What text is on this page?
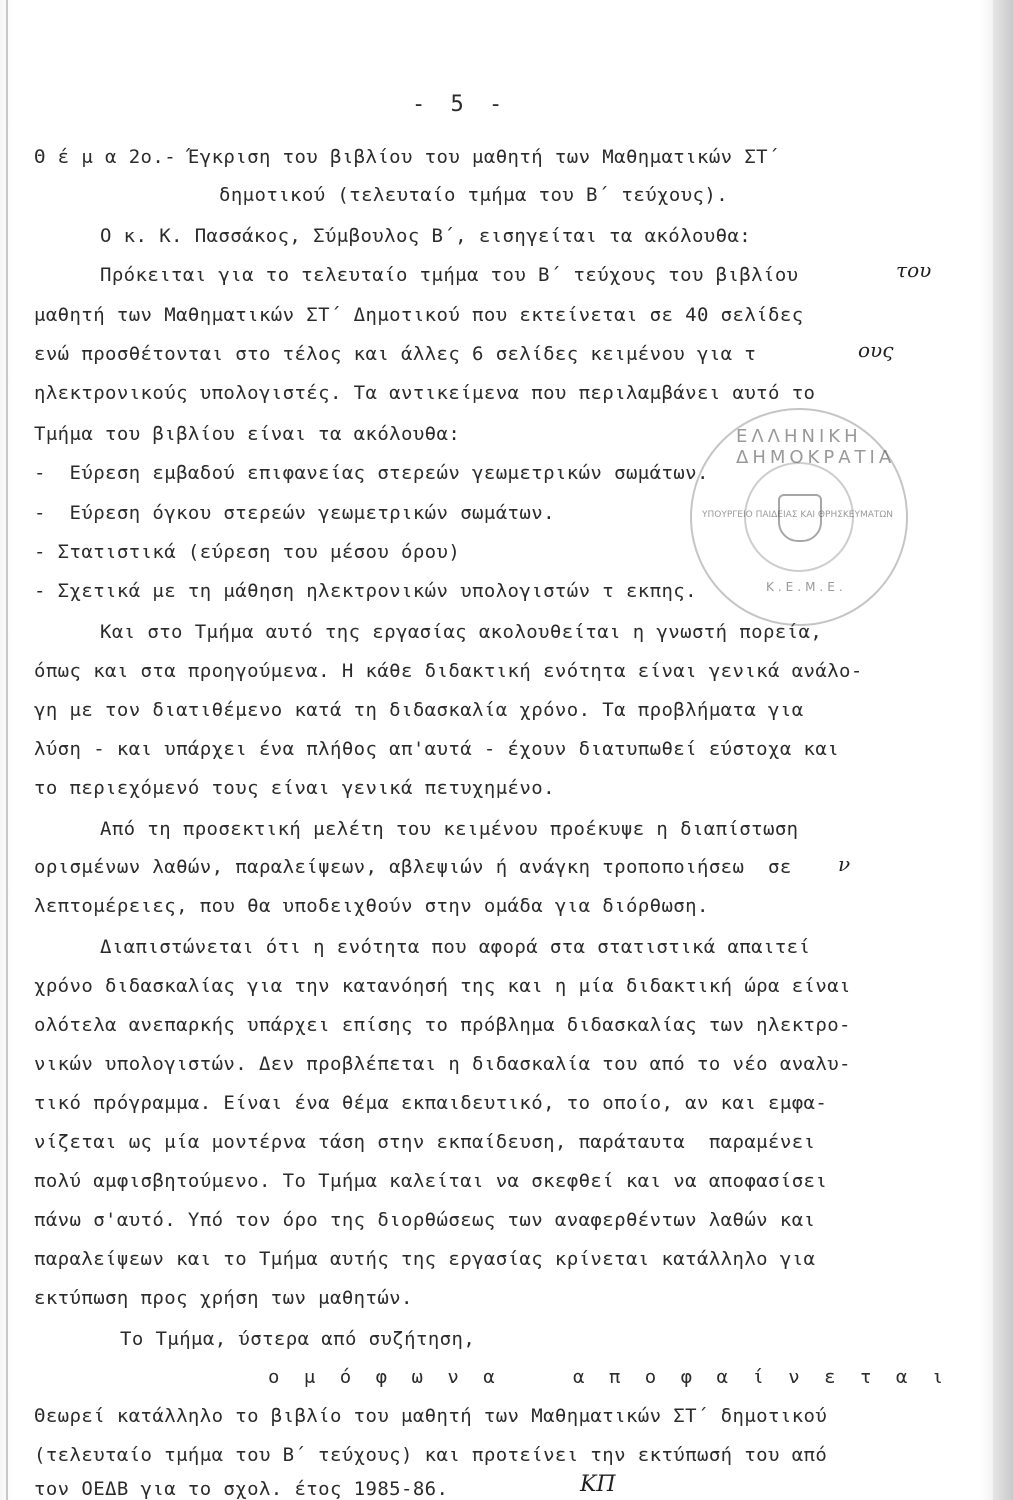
- 5 -
Θ έ μ α 2ο.- Έγκριση του βιβλίου του μαθητή των Μαθηματικών ΣΤ΄
δημοτικού (τελευταίο τμήμα του Β΄ τεύχους).
Ο κ. Κ. Πασσάκος, Σύμβουλος Β΄, εισηγείται τα ακόλουθα:
Πρόκειται για το τελευταίο τμήμα του Β΄ τεύχους του βιβλίου
μαθητή των Μαθηματικών ΣΤ΄ Δημοτικού που εκτείνεται σε 40 σελίδες
ενώ προσθέτονται στο τέλος και άλλες 6 σελίδες κειμένου για τ
ηλεκτρονικούς υπολογιστές. Τα αντικείμενα που περιλαμβάνει αυτό το
Τμήμα του βιβλίου είναι τα ακόλουθα:
-  Εύρεση εμβαδού επιφανείας στερεών γεωμετρικών σωμάτων.
-  Εύρεση όγκου στερεών γεωμετρικών σωμάτων.
- Στατιστικά (εύρεση του μέσου όρου)
- Σχετικά με τη μάθηση ηλεκτρονικών υπολογιστών τ εκπης.
Και στο Τμήμα αυτό της εργασίας ακολουθείται η γνωστή πορεία,
όπως και στα προηγούμενα. Η κάθε διδακτική ενότητα είναι γενικά ανάλο-
γη με τον διατιθέμενο κατά τη διδασκαλία χρόνο. Τα προβλήματα για
λύση - και υπάρχει ένα πλήθος απ'αυτά - έχουν διατυπωθεί εύστοχα και
το περιεχόμενό τους είναι γενικά πετυχημένο.
Από τη προσεκτική μελέτη του κειμένου προέκυψε η διαπίστωση
ορισμένων λαθών, παραλείψεων, αβλεψιών ή ανάγκη τροποποιήσεω  σε
λεπτομέρειες, που θα υποδειχθούν στην ομάδα για διόρθωση.
Διαπιστώνεται ότι η ενότητα που αφορά στα στατιστικά απαιτεί
χρόνο διδασκαλίας για την κατανόησή της και η μία διδακτική ώρα είναι
ολότελα ανεπαρκής υπάρχει επίσης το πρόβλημα διδασκαλίας των ηλεκτρο-
νικών υπολογιστών. Δεν προβλέπεται η διδασκαλία του από το νέο αναλυ-
τικό πρόγραμμα. Είναι ένα θέμα εκπαιδευτικό, το οποίο, αν και εμφα-
νίζεται ως μία μοντέρνα τάση στην εκπαίδευση, παράταυτα  παραμένει
πολύ αμφισβητούμενο. Το Τμήμα καλείται να σκεφθεί και να αποφασίσει
πάνω σ'αυτό. Υπό τον όρο της διορθώσεως των αναφερθέντων λαθών και
παραλείψεων και το Τμήμα αυτής της εργασίας κρίνεται κατάλληλο για
εκτύπωση προς χρήση των μαθητών.
Το Τμήμα, ύστερα από συζήτηση,
ο μ ό φ ω ν α    α π ο φ α ί ν ε τ α ι
Θεωρεί κατάλληλο το βιβλίο του μαθητή των Μαθηματικών ΣΤ΄ δημοτικού
(τελευταίο τμήμα του Β΄ τεύχους) και προτείνει την εκτύπωσή του από
τον ΟΕΔΒ για το σχολ. έτος 1985-86.
του
ους
ν
ΚΠ
ΕΛΛΗΝΙΚΗ ΔΗΜΟΚΡΑΤΙΑ
ΥΠΟΥΡΓΕΙΟ ΠΑΙΔΕΙΑΣ ΚΑΙ ΘΡΗΣΚΕΥΜΑΤΩΝ
Κ.Ε.Μ.Ε.
